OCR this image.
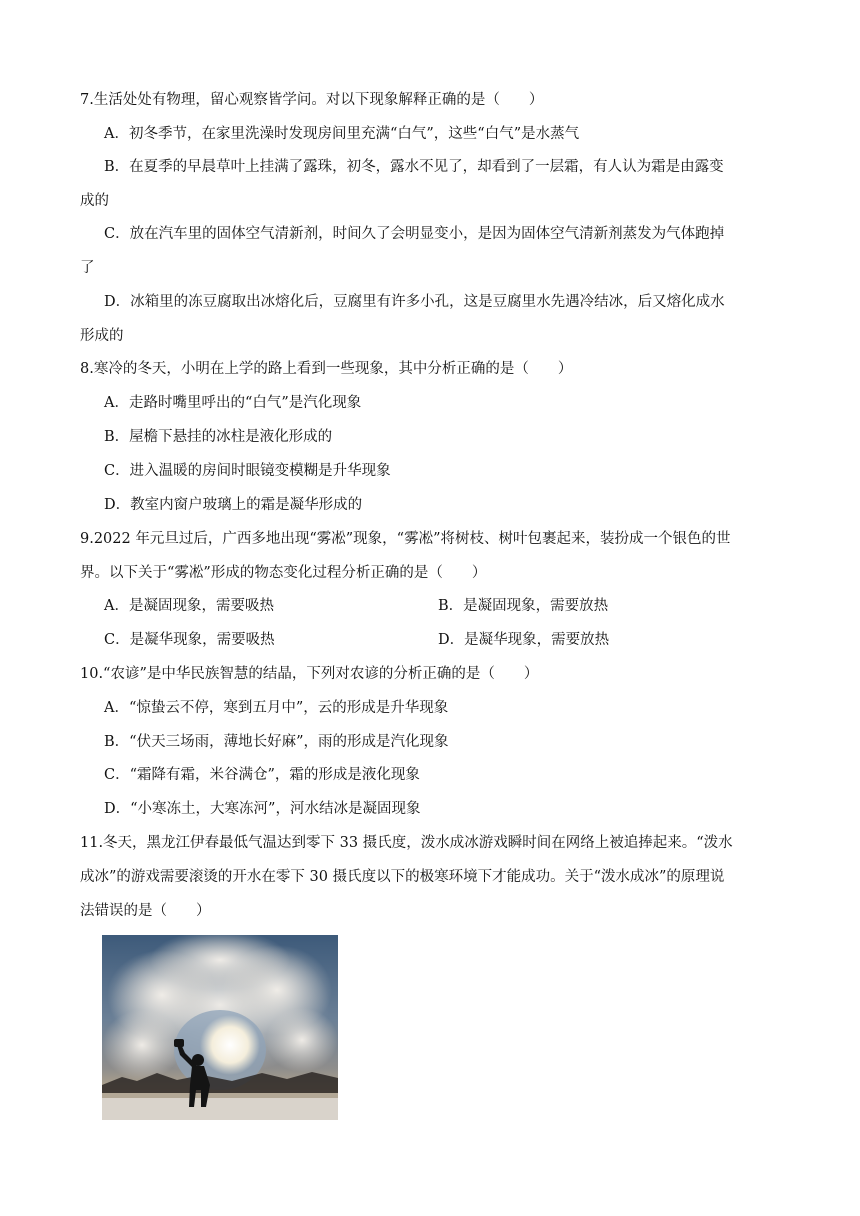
7.生活处处有物理，留心观察皆学问。对以下现象解释正确的是（　　）
A．初冬季节，在家里洗澡时发现房间里充满“白气”，这些“白气”是水蒸气
B．在夏季的早晨草叶上挂满了露珠，初冬，露水不见了，却看到了一层霜，有人认为霜是由露变
成的
C．放在汽车里的固体空气清新剂，时间久了会明显变小，是因为固体空气清新剂蒸发为气体跑掉
了
D．冰箱里的冻豆腐取出冰熔化后，豆腐里有许多小孔，这是豆腐里水先遇冷结冰，后又熔化成水
形成的
8.寒冷的冬天，小明在上学的路上看到一些现象，其中分析正确的是（　　）
A．走路时嘴里呼出的“白气”是汽化现象
B．屋檐下悬挂的冰柱是液化形成的
C．进入温暖的房间时眼镜变模糊是升华现象
D．教室内窗户玻璃上的霜是凝华形成的
9.2022 年元旦过后，广西多地出现“雾凇”现象，“雾凇”将树枝、树叶包裹起来，装扮成一个银色的世
界。以下关于“雾凇”形成的物态变化过程分析正确的是（　　）
A．是凝固现象，需要吸热	B．是凝固现象，需要放热
C．是凝华现象，需要吸热	D．是凝华现象，需要放热
10.“农谚”是中华民族智慧的结晶，下列对农谚的分析正确的是（　　）
A．“惊蛰云不停，寒到五月中”，云的形成是升华现象
B．“伏天三场雨，薄地长好麻”，雨的形成是汽化现象
C．“霜降有霜，米谷满仓”，霜的形成是液化现象
D．“小寒冻土，大寒冻河”，河水结冰是凝固现象
11.冬天，黑龙江伊春最低气温达到零下 33 摄氏度，泼水成冰游戏瞬时间在网络上被追捧起来。“泼水
成冰”的游戏需要滚烫的开水在零下 30 摄氏度以下的极寒环境下才能成功。关于“泼水成冰”的原理说
法错误的是（　　）
